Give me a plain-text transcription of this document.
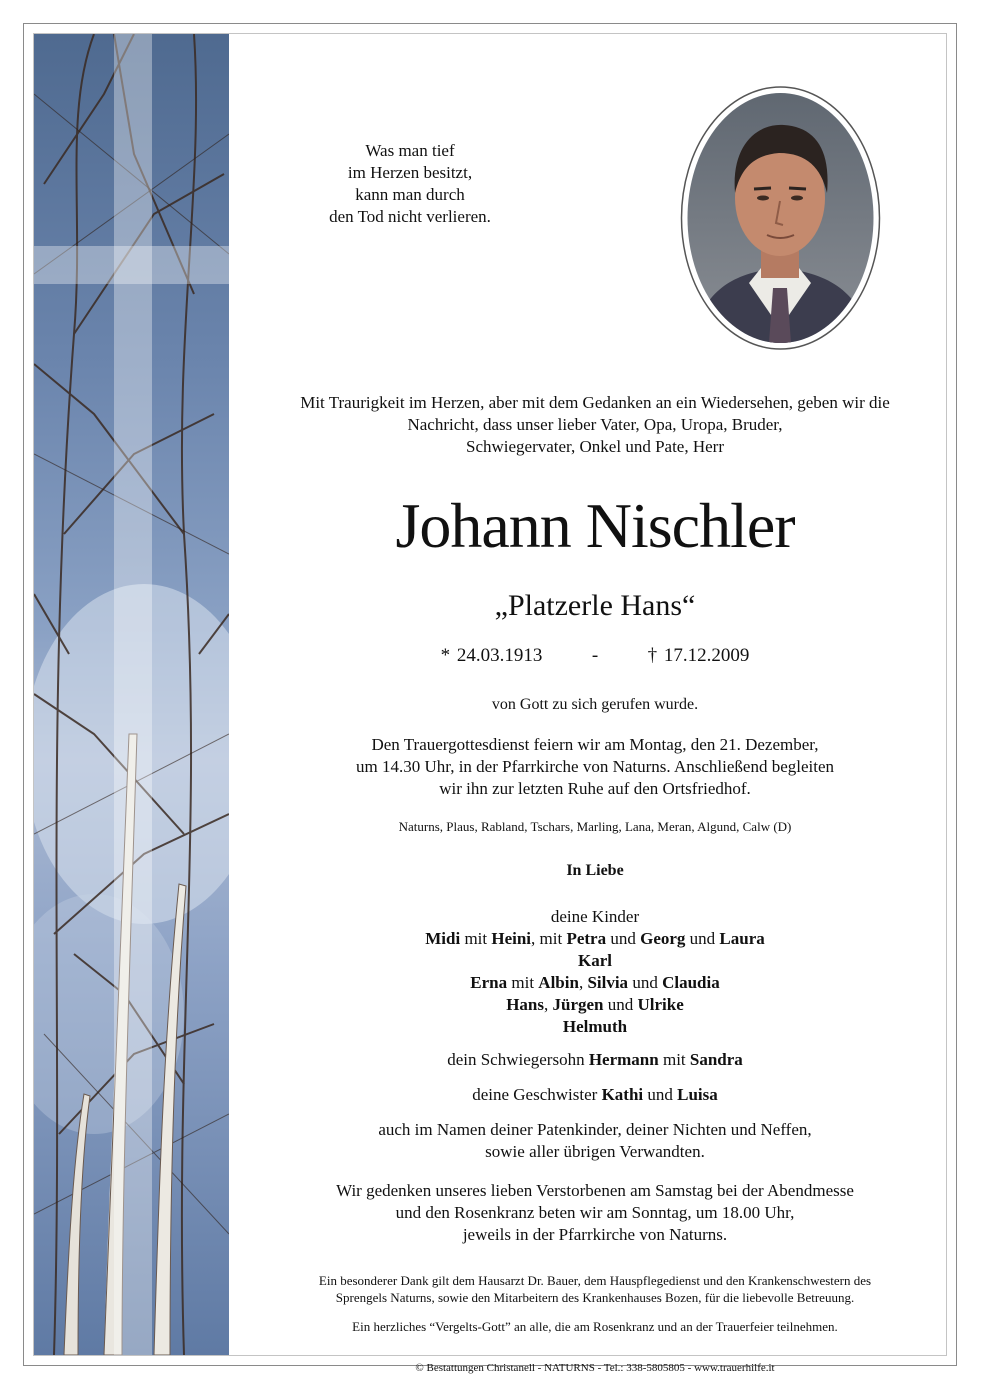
Was man tief
im Herzen besitzt,
kann man durch
den Tod nicht verlieren.
Mit Traurigkeit im Herzen, aber mit dem Gedanken an ein Wiedersehen, geben wir die
Nachricht, dass unser lieber Vater, Opa, Uropa, Bruder,
Schwiegervater, Onkel und Pate, Herr
Johann Nischler
„Platzerle Hans“
* 24.03.1913	-	† 17.12.2009
von Gott zu sich gerufen wurde.
Den Trauergottesdienst feiern wir am Montag, den 21. Dezember,
um 14.30 Uhr, in der Pfarrkirche von Naturns. Anschließend begleiten
wir ihn zur letzten Ruhe auf den Ortsfriedhof.
Naturns, Plaus, Rabland, Tschars, Marling, Lana, Meran, Algund, Calw (D)
In Liebe
deine Kinder
Midi mit Heini, mit Petra und Georg und Laura
Karl
Erna mit Albin, Silvia und Claudia
Hans, Jürgen und Ulrike
Helmuth
dein Schwiegersohn Hermann mit Sandra
deine Geschwister Kathi und Luisa
auch im Namen deiner Patenkinder, deiner Nichten und Neffen,
sowie aller übrigen Verwandten.
Wir gedenken unseres lieben Verstorbenen am Samstag bei der Abendmesse
und den Rosenkranz beten wir am Sonntag, um 18.00 Uhr,
jeweils in der Pfarrkirche von Naturns.
Ein besonderer Dank gilt dem Hausarzt Dr. Bauer, dem Hauspflegedienst und den Krankenschwestern des
Sprengels Naturns, sowie den Mitarbeitern des Krankenhauses Bozen, für die liebevolle Betreuung.
Ein herzliches “Vergelts-Gott” an alle, die am Rosenkranz und an der Trauerfeier teilnehmen.
© Bestattungen Christanell - NATURNS - Tel.: 338-5805805 - www.trauerhilfe.it
